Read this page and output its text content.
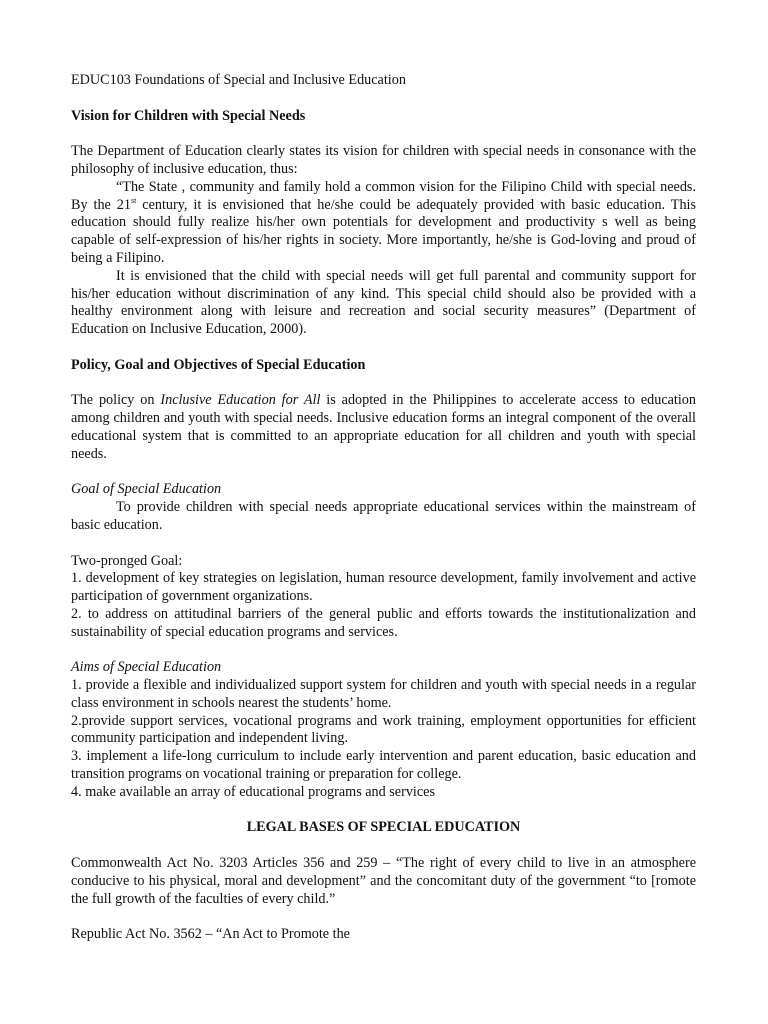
EDUC103 Foundations of Special and Inclusive Education

Vision for Children with Special Needs

The Department of Education clearly states its vision for children with special needs in consonance with the philosophy of inclusive education, thus:

“The State , community and family hold a common vision for the Filipino Child with special needs. By the 21st century, it is envisioned that he/she could be adequately provided with basic education. This education should fully realize his/her own potentials for development and productivity s well as being capable of self-expression of his/her rights in society. More importantly, he/she is God-loving and proud of being a Filipino.

It is envisioned that the child with special needs will get full parental and community support for his/her education without discrimination of any kind. This special child should also be provided with a healthy environment along with leisure and recreation and social security measures” (Department of Education on Inclusive Education, 2000).

Policy, Goal and Objectives of Special Education

The policy on Inclusive Education for All is adopted in the Philippines to accelerate access to education among children and youth with special needs. Inclusive education forms an integral component of the overall educational system that is committed to an appropriate education for all children and youth with special needs.

Goal of Special Education

To provide children with special needs appropriate educational services within the mainstream of basic education.

Two-pronged Goal:

1. development of key strategies on legislation, human resource development, family involvement and active participation of government organizations.

2. to address on attitudinal barriers of the general public and efforts towards the institutionalization and sustainability of special education programs and services.

Aims of Special Education

1. provide a flexible and individualized support system for children and youth with special needs in a regular class environment in schools nearest the students’ home.

2.provide support services, vocational programs and work training, employment opportunities for efficient community participation and independent living.

3. implement a life-long curriculum to include early intervention and parent education, basic education and transition programs on vocational training or preparation for college.

4. make available an array of educational programs and services

LEGAL BASES OF SPECIAL EDUCATION

Commonwealth Act No. 3203 Articles 356 and 259 – “The right of every child to live in an atmosphere conducive to his physical, moral and development” and the concomitant duty of the government “to [romote the full growth of the faculties of every child.”

Republic Act No. 3562 – “An Act to Promote the
